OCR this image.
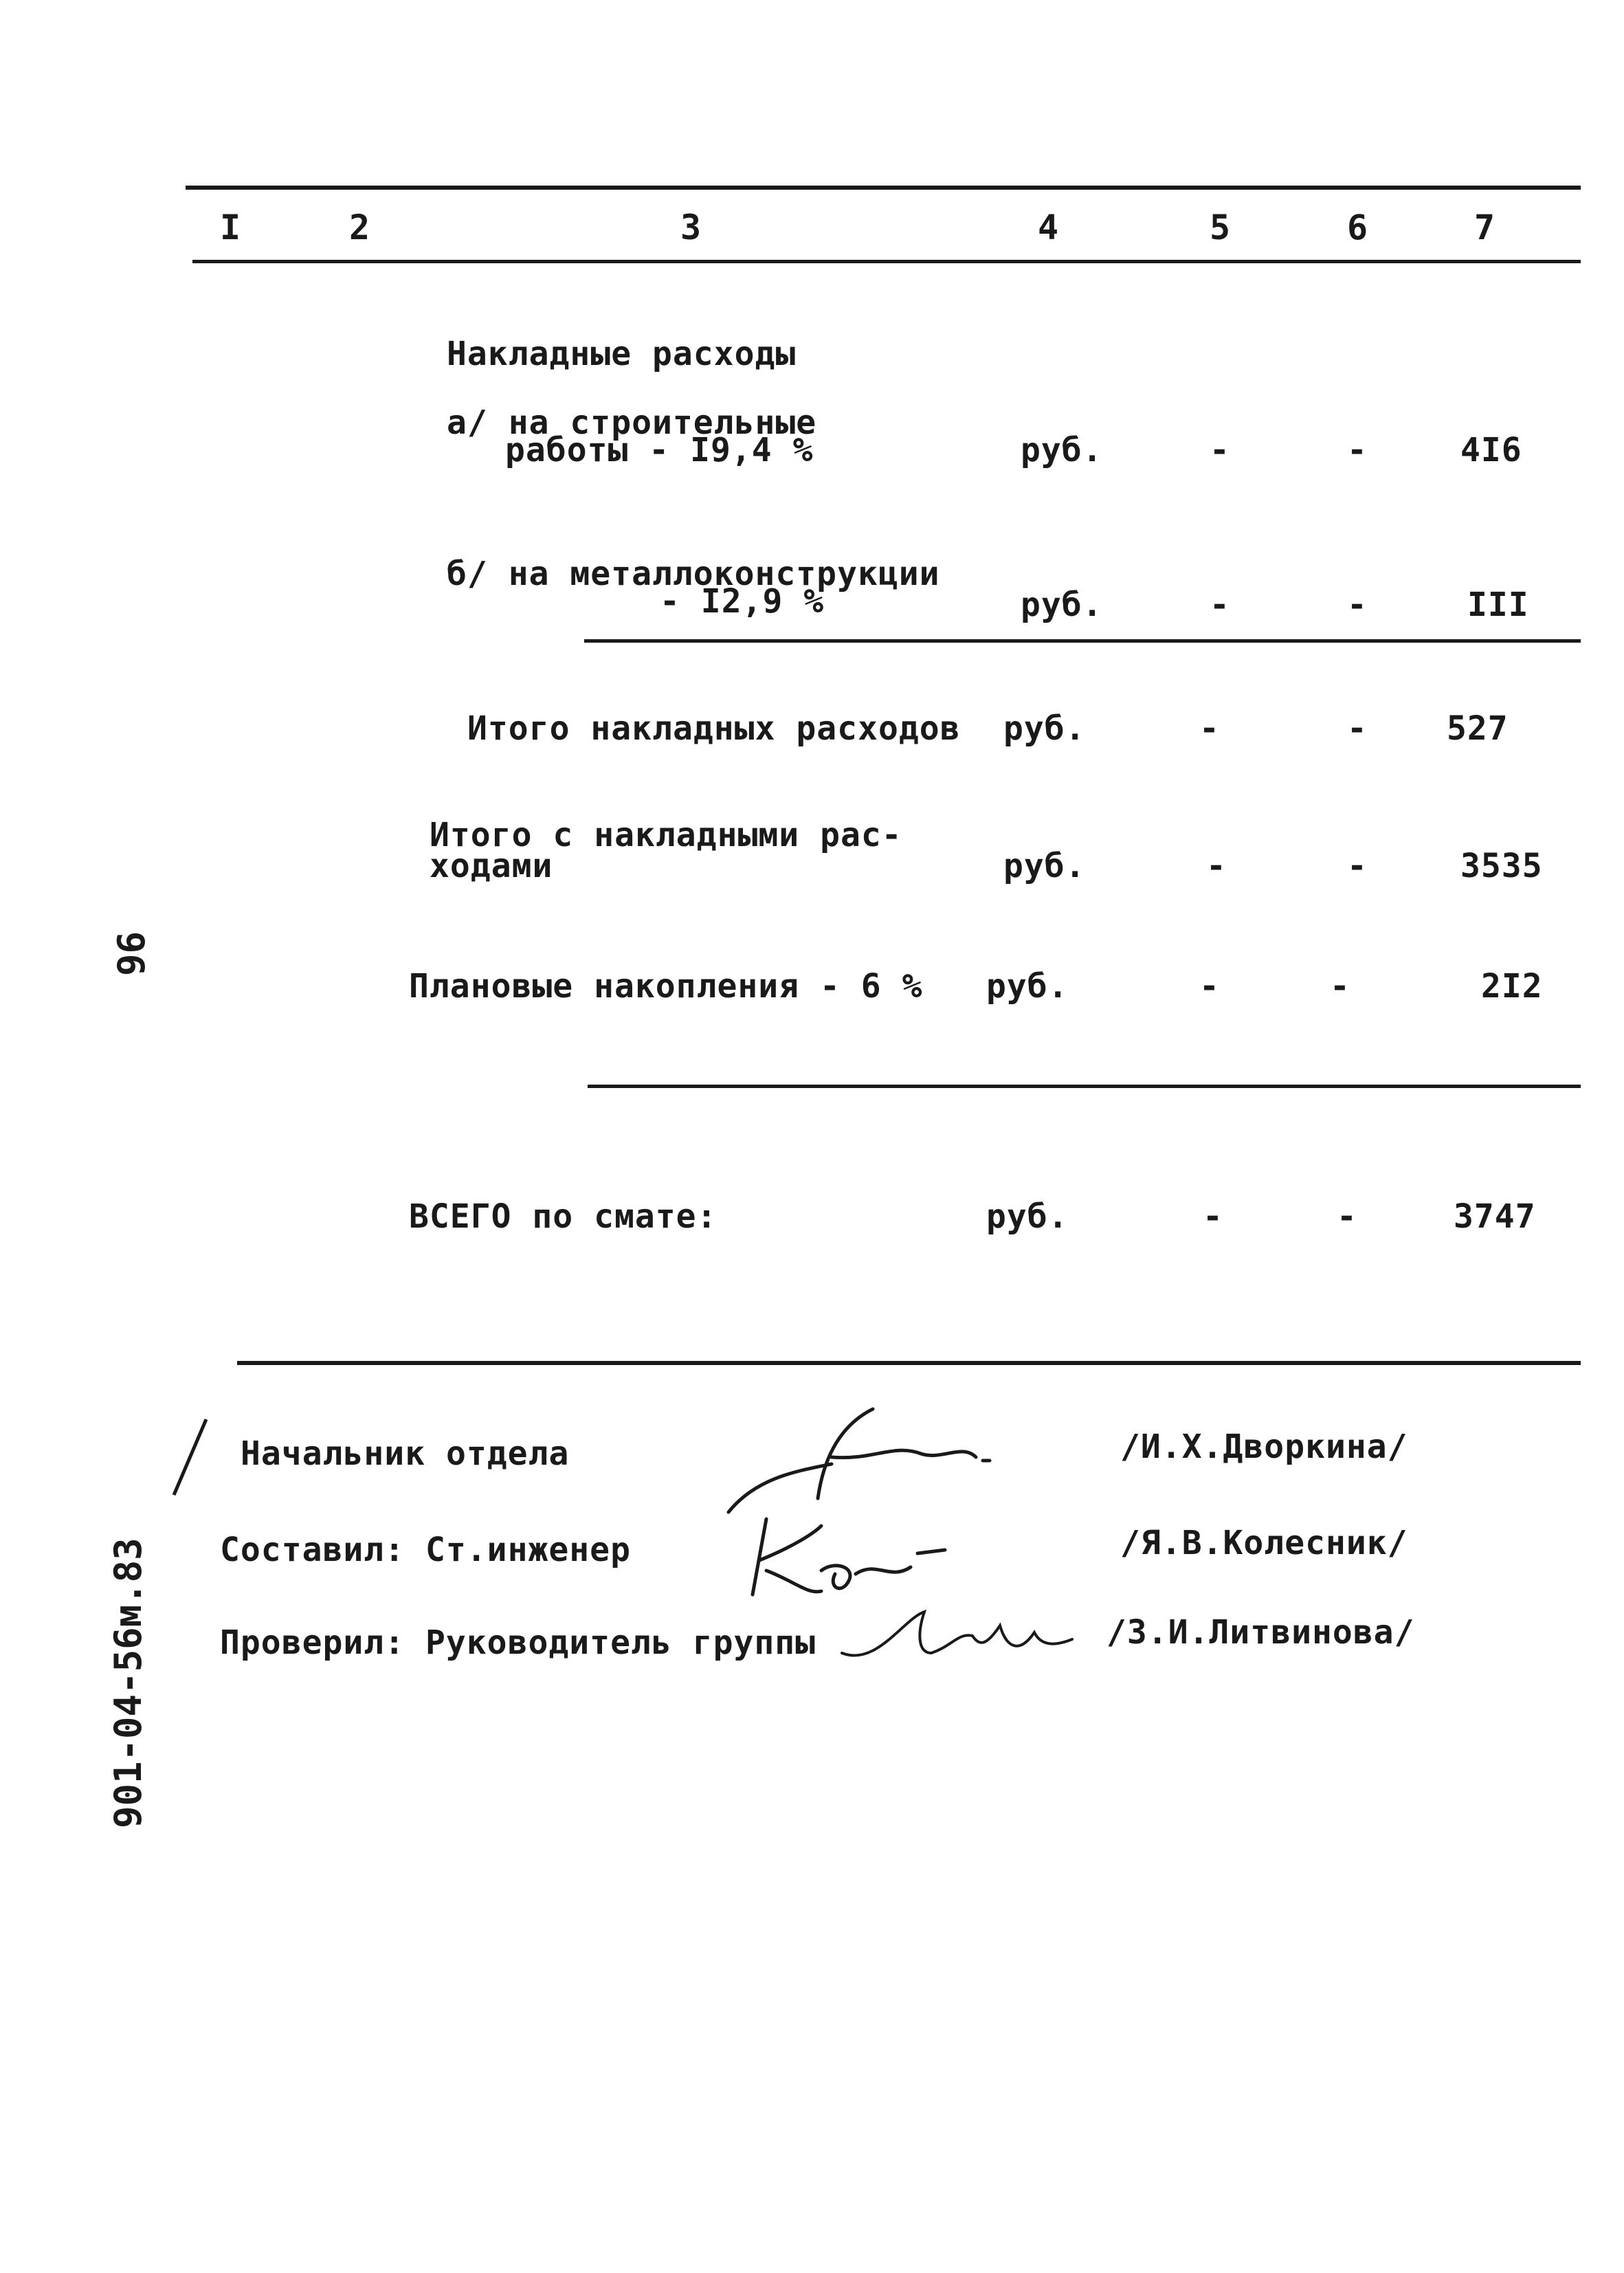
I	2	3	4	5	6	7
Накладные расходы
а/ на строительные
работы - I9,4 %	руб.	-	-	4I6
б/ на металлоконструкции
- I2,9 %	руб.	-	-	III
Итого накладных расходов руб.	-	- 527
Итого с накладными рас-
ходами	руб.	-	-	3535
Плановые накопления - 6 % руб.	-	-	2I2
ВСЕГО по смате:	руб.	-	-	3747
Начальник отдела	/И.Х.Дворкина/
Составил: Ст.инженер	/Я.В.Колесник/
Проверил: Руководитель группы	/З.И.Литвинова/
96
901-04-56м.83
